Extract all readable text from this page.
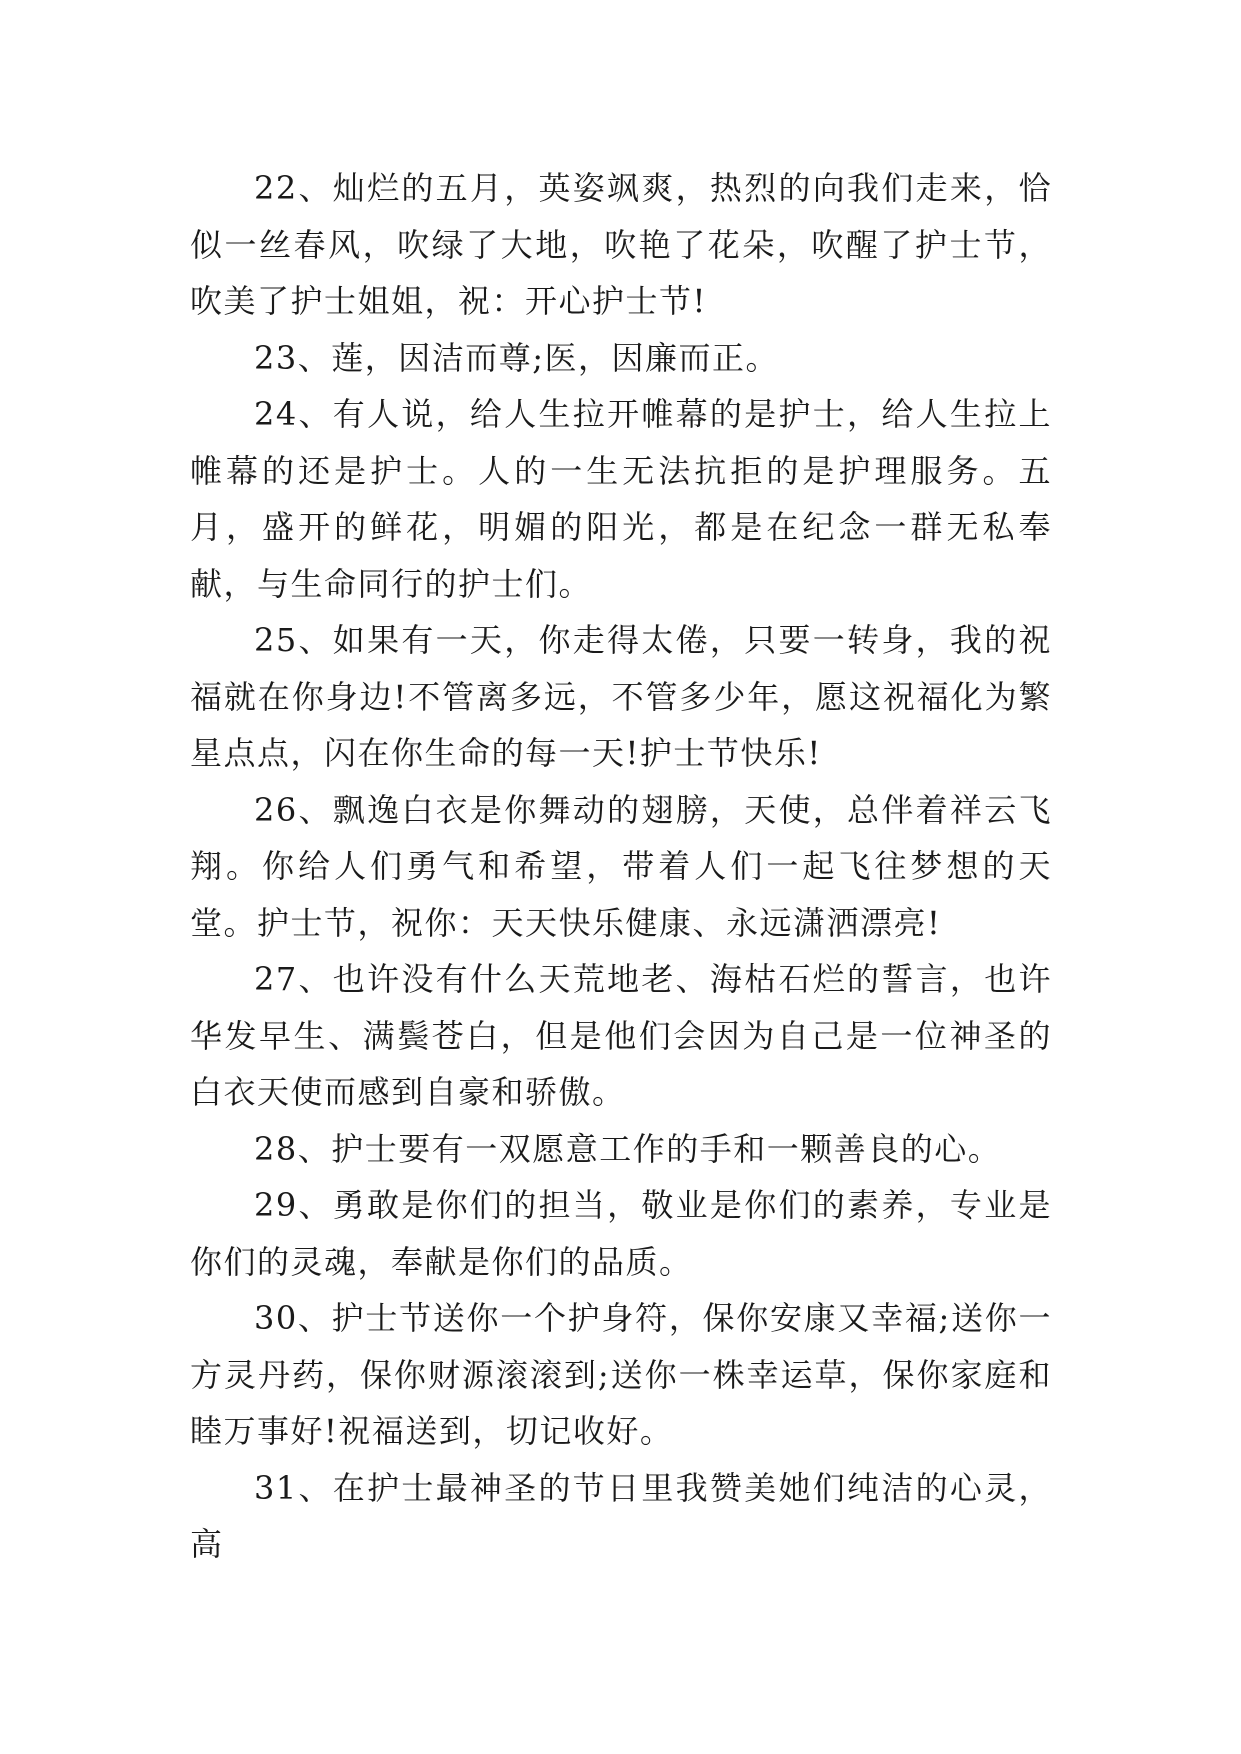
22、灿烂的五月，英姿飒爽，热烈的向我们走来，恰似一丝春风，吹绿了大地，吹艳了花朵，吹醒了护士节，吹美了护士姐姐，祝：开心护士节!

23、莲，因洁而尊;医，因廉而正。

24、有人说，给人生拉开帷幕的是护士，给人生拉上帷幕的还是护士。人的一生无法抗拒的是护理服务。五月，盛开的鲜花，明媚的阳光，都是在纪念一群无私奉献，与生命同行的护士们。

25、如果有一天，你走得太倦，只要一转身，我的祝福就在你身边!不管离多远，不管多少年，愿这祝福化为繁星点点，闪在你生命的每一天!护士节快乐!

26、飘逸白衣是你舞动的翅膀，天使，总伴着祥云飞翔。你给人们勇气和希望，带着人们一起飞往梦想的天堂。护士节，祝你：天天快乐健康、永远潇洒漂亮!

27、也许没有什么天荒地老、海枯石烂的誓言，也许华发早生、满鬓苍白，但是他们会因为自己是一位神圣的白衣天使而感到自豪和骄傲。

28、护士要有一双愿意工作的手和一颗善良的心。

29、勇敢是你们的担当，敬业是你们的素养，专业是你们的灵魂，奉献是你们的品质。

30、护士节送你一个护身符，保你安康又幸福;送你一方灵丹药，保你财源滚滚到;送你一株幸运草，保你家庭和睦万事好!祝福送到，切记收好。

31、在护士最神圣的节日里我赞美她们纯洁的心灵，高
